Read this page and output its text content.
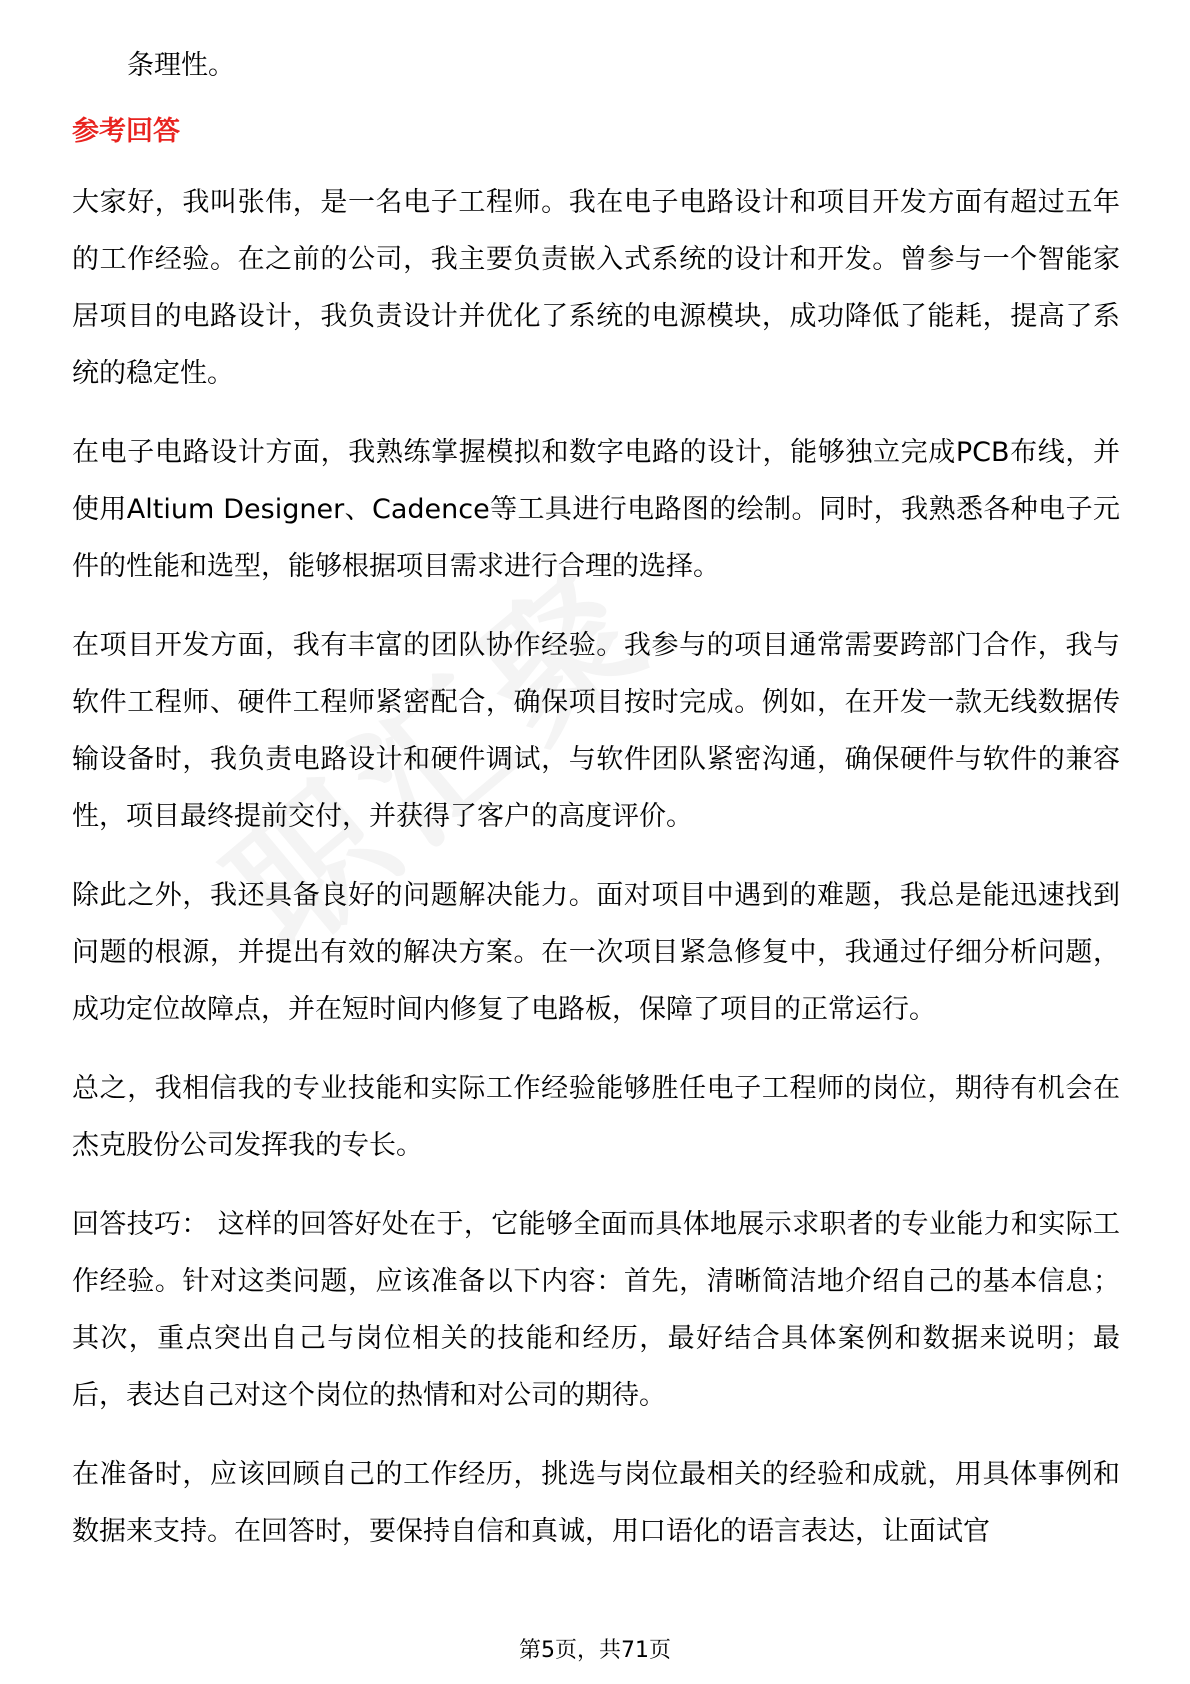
条理性。

参考回答

大家好，我叫张伟，是一名电子工程师。我在电子电路设计和项目开发方面有超过五年的工作经验。在之前的公司，我主要负责嵌入式系统的设计和开发。曾参与一个智能家居项目的电路设计，我负责设计并优化了系统的电源模块，成功降低了能耗，提高了系统的稳定性。

在电子电路设计方面，我熟练掌握模拟和数字电路的设计，能够独立完成PCB布线，并使用Altium Designer、Cadence等工具进行电路图的绘制。同时，我熟悉各种电子元件的性能和选型，能够根据项目需求进行合理的选择。

在项目开发方面，我有丰富的团队协作经验。我参与的项目通常需要跨部门合作，我与软件工程师、硬件工程师紧密配合，确保项目按时完成。例如，在开发一款无线数据传输设备时，我负责电路设计和硬件调试，与软件团队紧密沟通，确保硬件与软件的兼容性，项目最终提前交付，并获得了客户的高度评价。

除此之外，我还具备良好的问题解决能力。面对项目中遇到的难题，我总是能迅速找到问题的根源，并提出有效的解决方案。在一次项目紧急修复中，我通过仔细分析问题，成功定位故障点，并在短时间内修复了电路板，保障了项目的正常运行。

总之，我相信我的专业技能和实际工作经验能够胜任电子工程师的岗位，期待有机会在杰克股份公司发挥我的专长。

回答技巧： 这样的回答好处在于，它能够全面而具体地展示求职者的专业能力和实际工作经验。针对这类问题，应该准备以下内容：首先，清晰简洁地介绍自己的基本信息；其次，重点突出自己与岗位相关的技能和经历，最好结合具体案例和数据来说明；最后，表达自己对这个岗位的热情和对公司的期待。

在准备时，应该回顾自己的工作经历，挑选与岗位最相关的经验和成就，用具体事例和数据来支持。在回答时，要保持自信和真诚，用口语化的语言表达，让面试官

第5页，共71页
